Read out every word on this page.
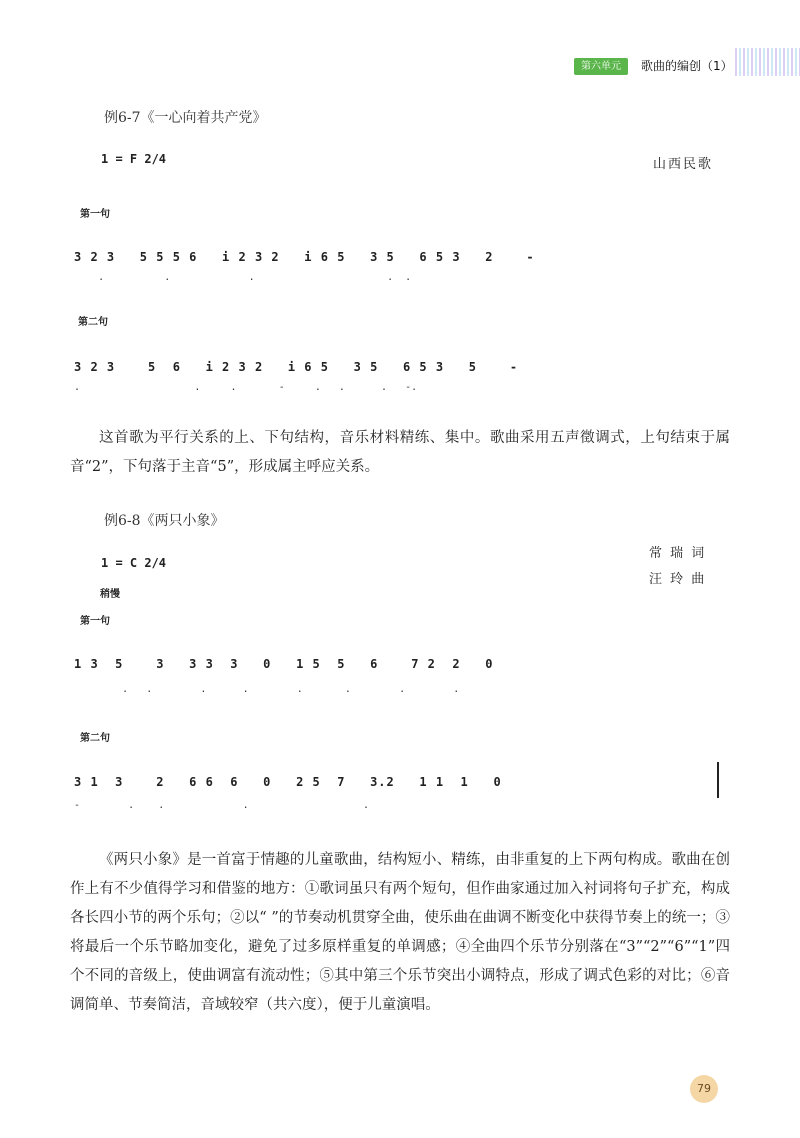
第六单元	歌曲的编创（1）
例6-7《一心向着共产党》
1 = F 2/4	山西民歌
第一句
3 2 3   5 5 5 6   i 2 3 2   i 6 5   3 5   6 5 3   2    -
.          .             .                      .  .
第二句
3 2 3    5  6   i 2 3 2   i 6 5   3 5   6 5 3   5    -
.                   .     .       -     .   .      .   -.

这首歌为平行关系的上、下句结构，音乐材料精练、集中。歌曲采用五声徵调式，上句结束于属音“2”，下句落于主音“5”，形成属主呼应关系。

例6-8《两只小象》
1 = C 2/4
稍慢
常 瑞 词
汪 玲 曲
第一句
1 3  5    3   3 3  3   0   1 5  5   6    7 2  2   0
.   .        .      .        .       .        .        .
第二句
3 1  3    2   6 6  6   0   2 5  7   3.2   1 1  1   0
-        .    .             .                   .

《两只小象》是一首富于情趣的儿童歌曲，结构短小、精练，由非重复的上下两句构成。歌曲在创作上有不少值得学习和借鉴的地方：①歌词虽只有两个短句，但作曲家通过加入衬词将句子扩充，构成各长四小节的两个乐句；②以“ ”的节奏动机贯穿全曲，使乐曲在曲调不断变化中获得节奏上的统一；③将最后一个乐节略加变化，避免了过多原样重复的单调感；④全曲四个乐节分别落在“3”“2”“6”“1”四个不同的音级上，使曲调富有流动性；⑤其中第三个乐节突出小调特点，形成了调式色彩的对比；⑥音调简单、节奏简洁，音域较窄（共六度），便于儿童演唱。

79
